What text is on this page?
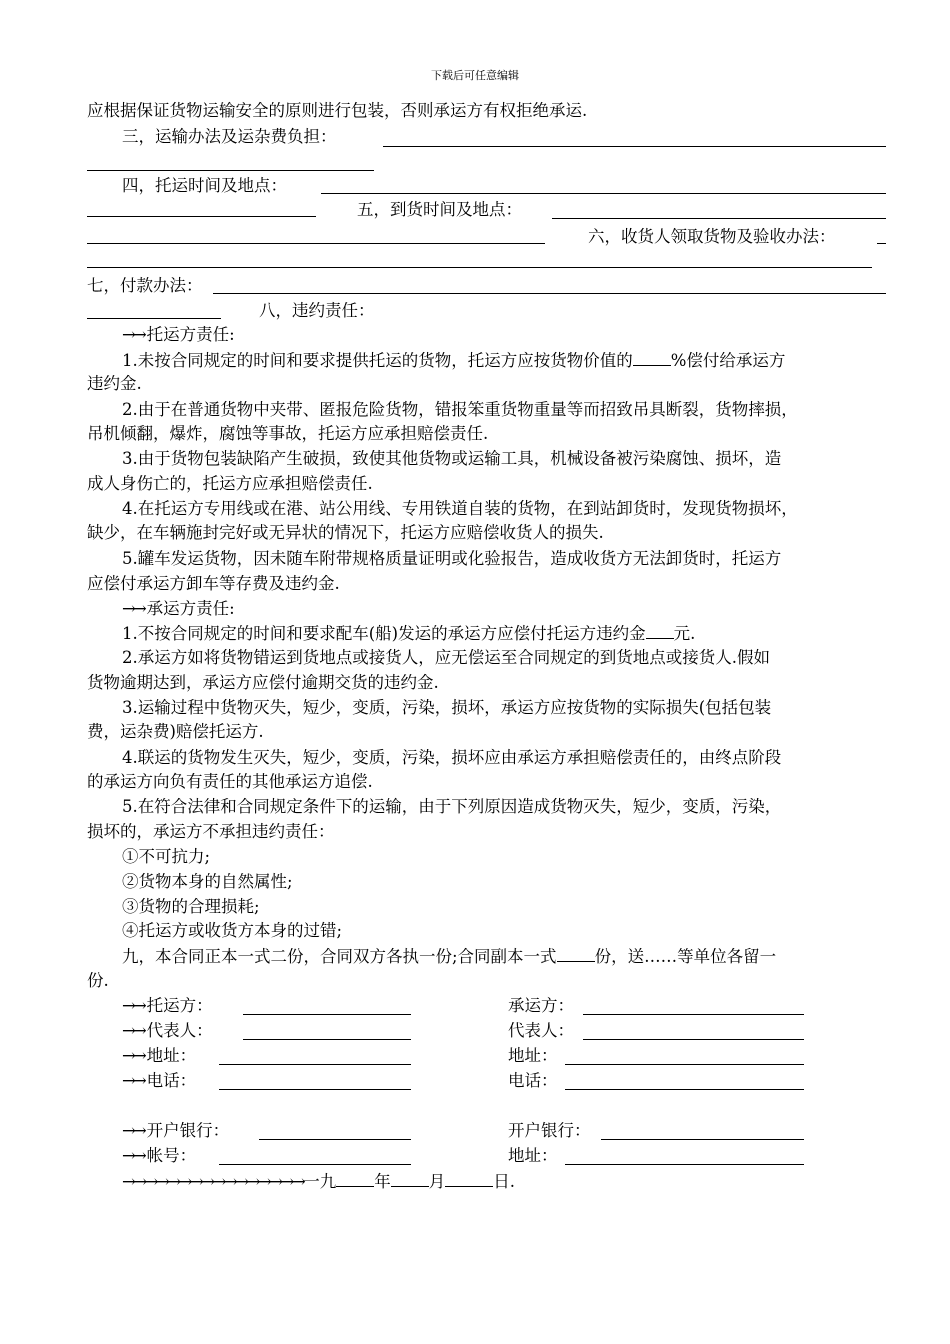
下载后可任意编辑
应根据保证货物运输安全的原则进行包装，否则承运方有权拒绝承运.
三，运输办法及运杂费负担：
四，托运时间及地点：
五，到货时间及地点：
六，收货人领取货物及验收办法：
七，付款办法：
八，违约责任：
→→ 托运方责任:
1.未按合同规定的时间和要求提供托运的货物，托运方应按货物价值的 %偿付给承运方
违约金.
2.由于在普通货物中夹带、匿报危险货物，错报笨重货物重量等而招致吊具断裂，货物摔损，
吊机倾翻，爆炸，腐蚀等事故，托运方应承担赔偿责任.
3.由于货物包装缺陷产生破损，致使其他货物或运输工具，机械设备被污染腐蚀、损坏，造
成人身伤亡的，托运方应承担赔偿责任.
4.在托运方专用线或在港、站公用线、专用铁道自装的货物，在到站卸货时，发现货物损坏，
缺少，在车辆施封完好或无异状的情况下，托运方应赔偿收货人的损失.
5.罐车发运货物，因未随车附带规格质量证明或化验报告，造成收货方无法卸货时，托运方
应偿付承运方卸车等存费及违约金.
→→ 承运方责任:
1.不按合同规定的时间和要求配车(船)发运的承运方应偿付托运方违约金 元.
2.承运方如将货物错运到货地点或接货人，应无偿运至合同规定的到货地点或接货人.假如
货物逾期达到，承运方应偿付逾期交货的违约金.
3.运输过程中货物灭失，短少，变质，污染，损坏，承运方应按货物的实际损失(包括包装
费，运杂费)赔偿托运方.
4.联运的货物发生灭失，短少，变质，污染，损坏应由承运方承担赔偿责任的，由终点阶段
的承运方向负有责任的其他承运方追偿.
5.在符合法律和合同规定条件下的运输，由于下列原因造成货物灭失，短少，变质，污染，
损坏的，承运方不承担违约责任：
①不可抗力;
②货物本身的自然属性;
③货物的合理损耗;
④托运方或收货方本身的过错;
九，本合同正本一式二份，合同双方各执一份;合同副本一式 份，送……等单位各留一
份.
→→ 托运方：	承运方：
→→ 代表人：	代表人：
→→ 地址：	地址：
→→ 电话：	电话：
→→ 开户银行：	开户银行：
→→ 帐号：	地址：
→→→→→→→→→→→→→→→→一九 年 月	日.
